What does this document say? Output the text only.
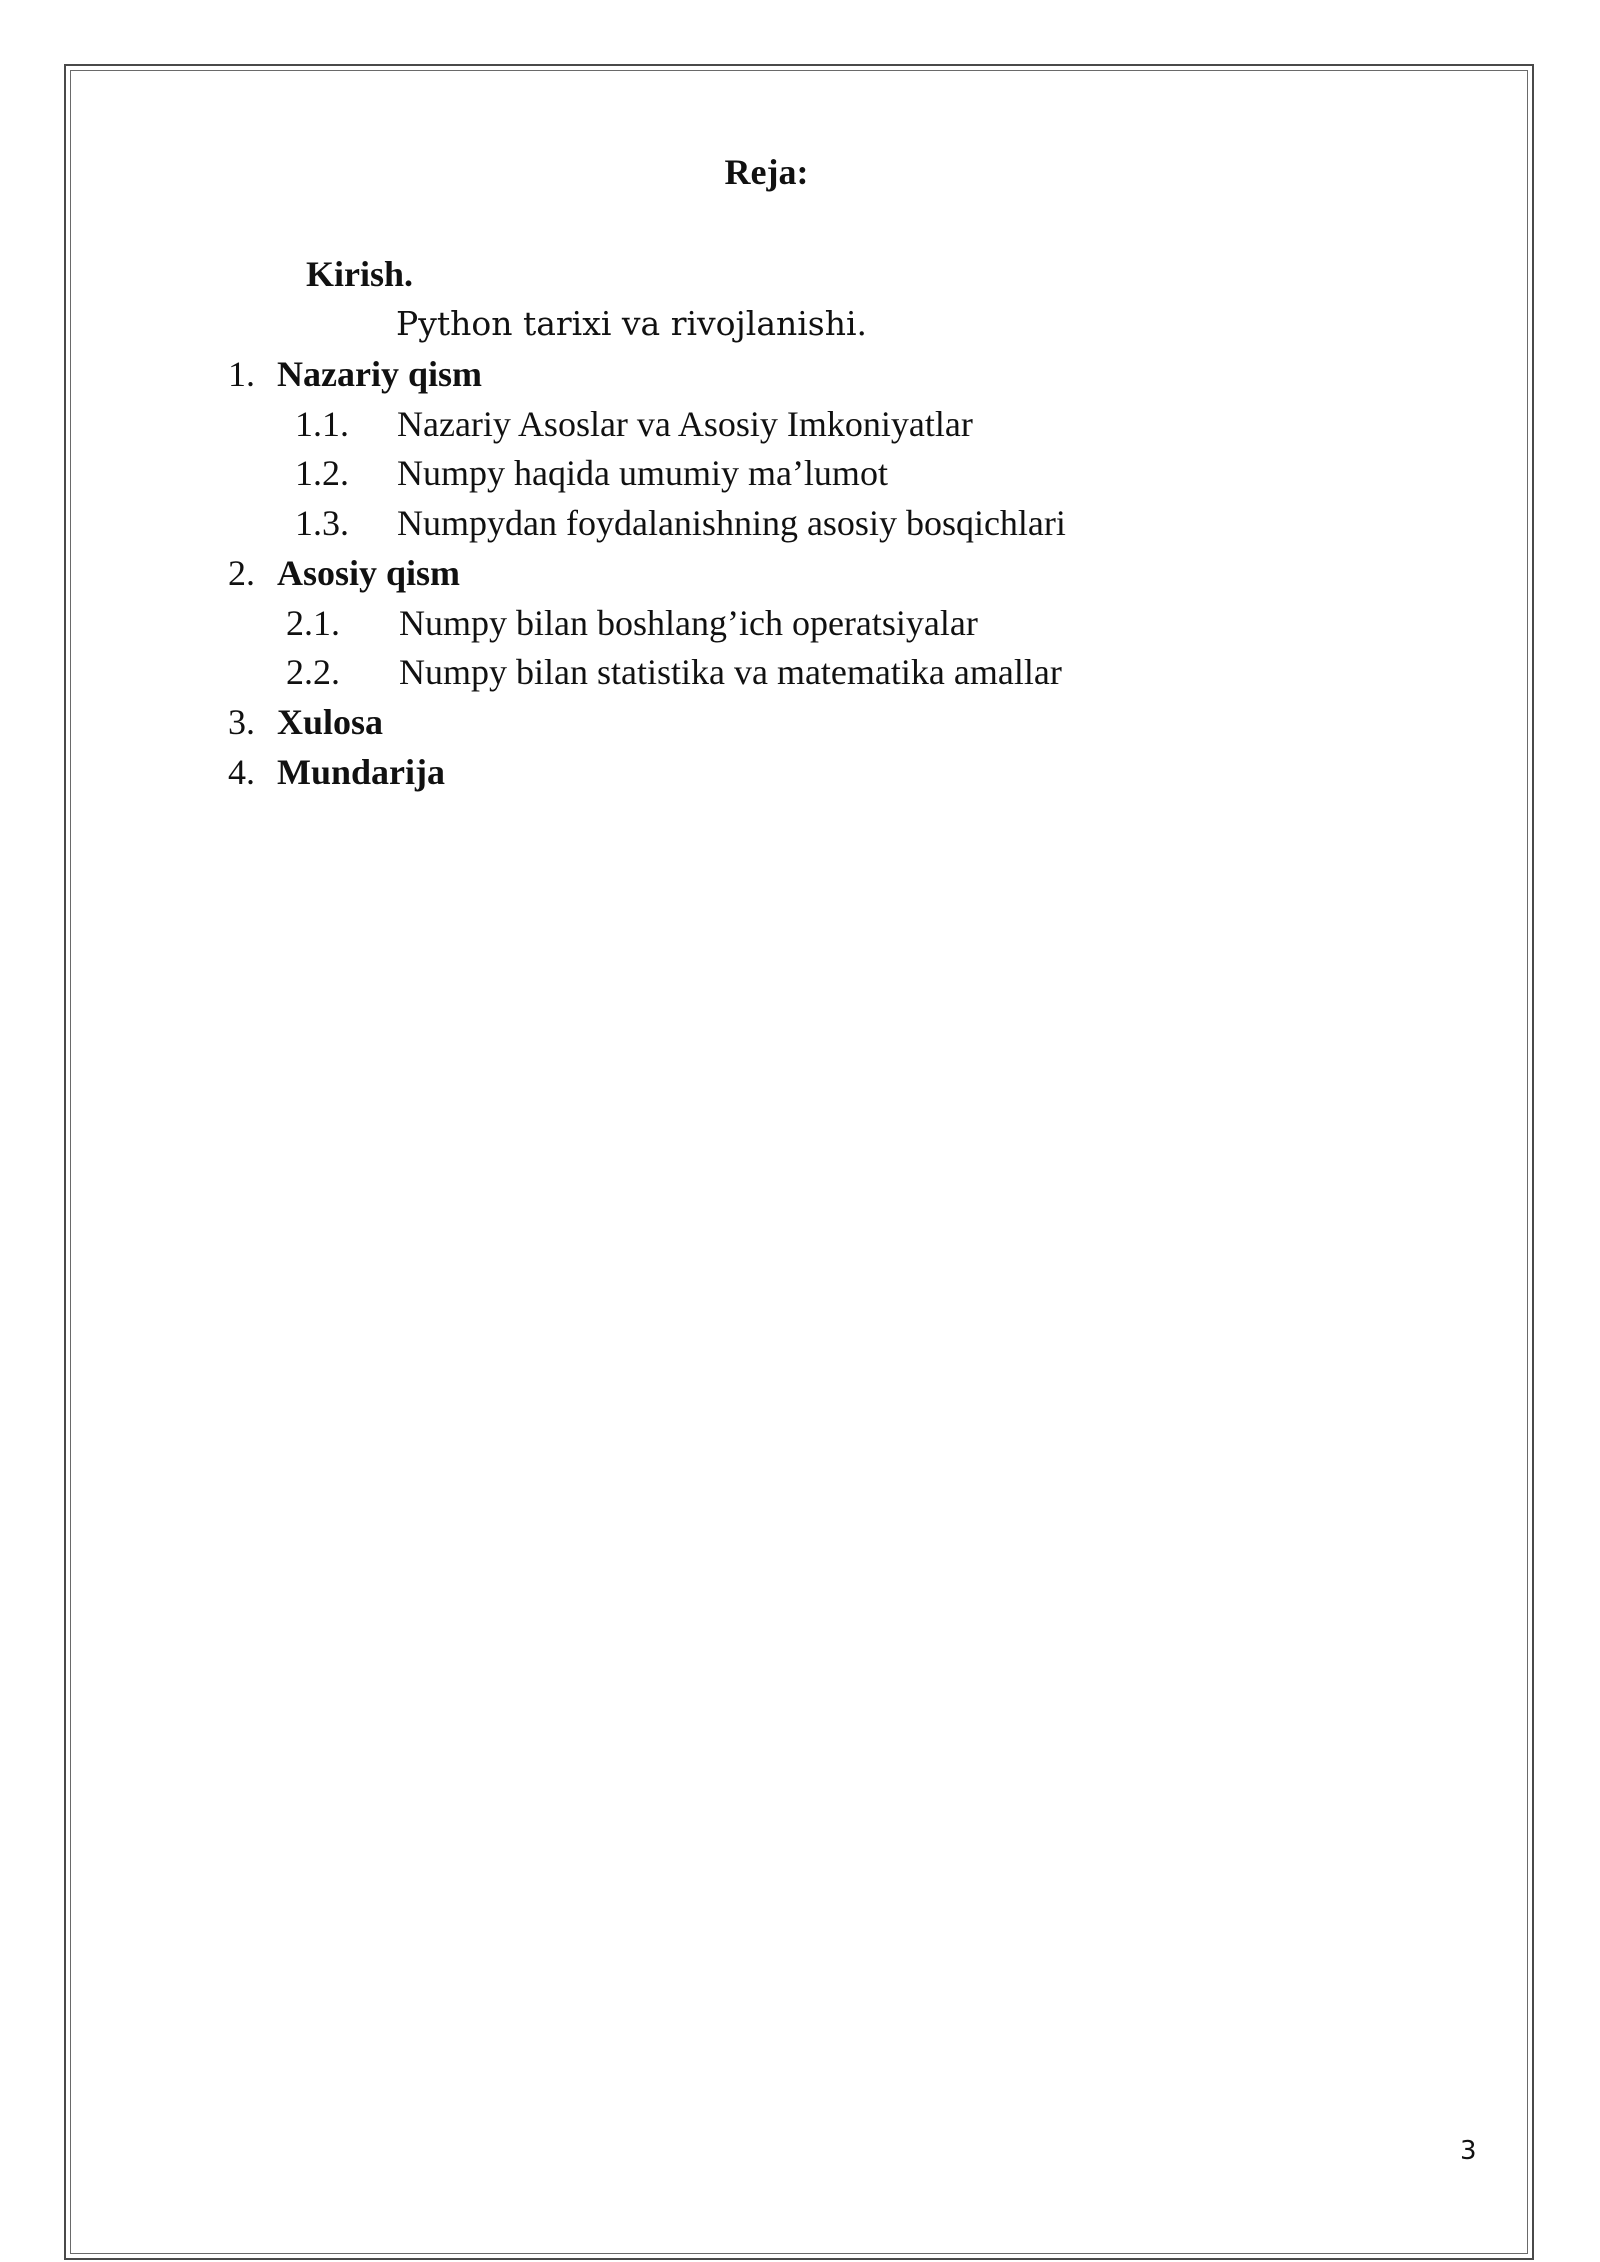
Reja:
Kirish.
Python tarixi va rivojlanishi.
1. Nazariy qism
1.1. Nazariy Asoslar va Asosiy Imkoniyatlar
1.2. Numpy haqida umumiy ma’lumot
1.3. Numpydan foydalanishning asosiy bosqichlari
2. Asosiy qism
2.1. Numpy bilan boshlang’ich operatsiyalar
2.2. Numpy bilan statistika va matematika amallar
3. Xulosa
4. Mundarija
3
